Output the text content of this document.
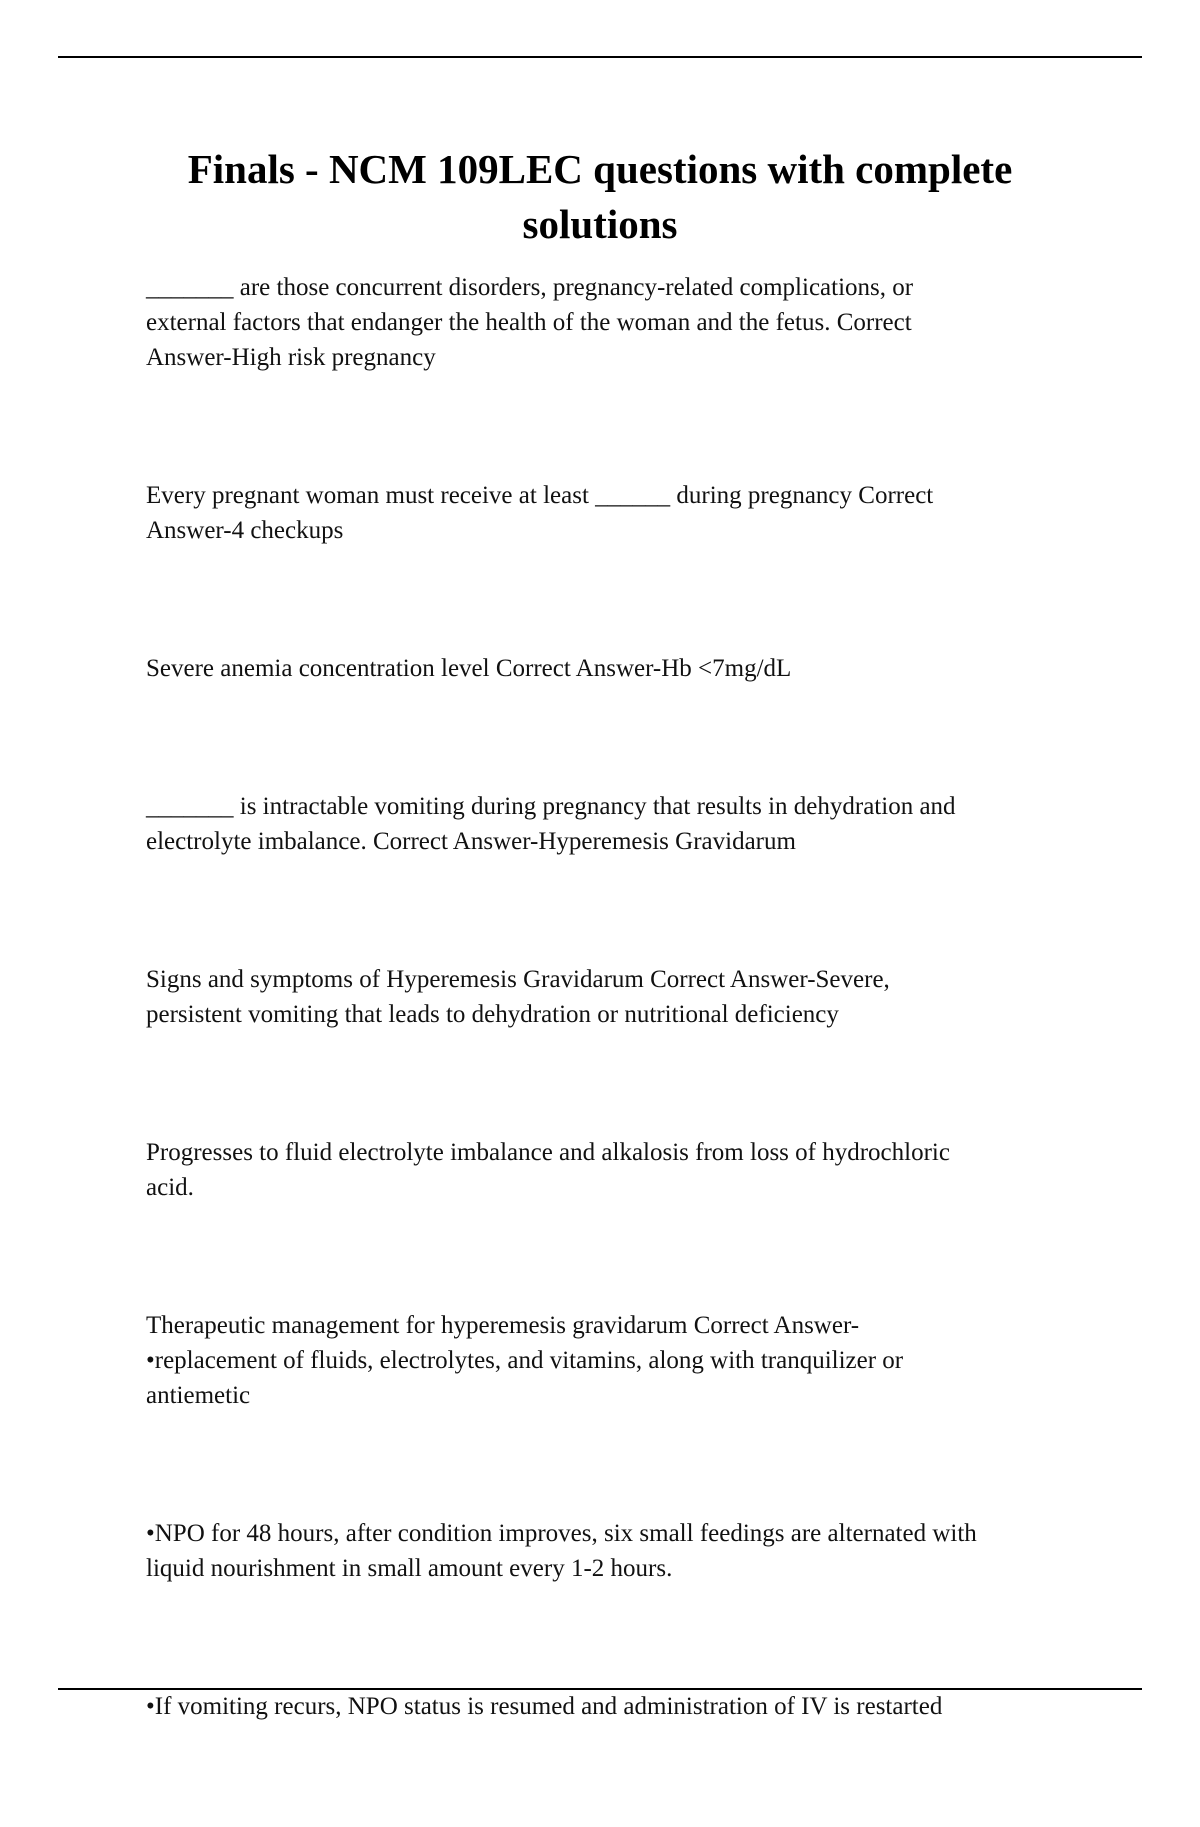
Finals - NCM 109LEC questions with complete
solutions

_______ are those concurrent disorders, pregnancy-related complications, or
external factors that endanger the health of the woman and the fetus. Correct
Answer-High risk pregnancy

Every pregnant woman must receive at least ______ during pregnancy Correct
Answer-4 checkups

Severe anemia concentration level Correct Answer-Hb <7mg/dL

_______ is intractable vomiting during pregnancy that results in dehydration and
electrolyte imbalance. Correct Answer-Hyperemesis Gravidarum

Signs and symptoms of Hyperemesis Gravidarum Correct Answer-Severe,
persistent vomiting that leads to dehydration or nutritional deficiency

Progresses to fluid electrolyte imbalance and alkalosis from loss of hydrochloric
acid.

Therapeutic management for hyperemesis gravidarum Correct Answer-
•replacement of fluids, electrolytes, and vitamins, along with tranquilizer or
antiemetic

•NPO for 48 hours, after condition improves, six small feedings are alternated with
liquid nourishment in small amount every 1-2 hours.

•If vomiting recurs, NPO status is resumed and administration of IV is restarted
